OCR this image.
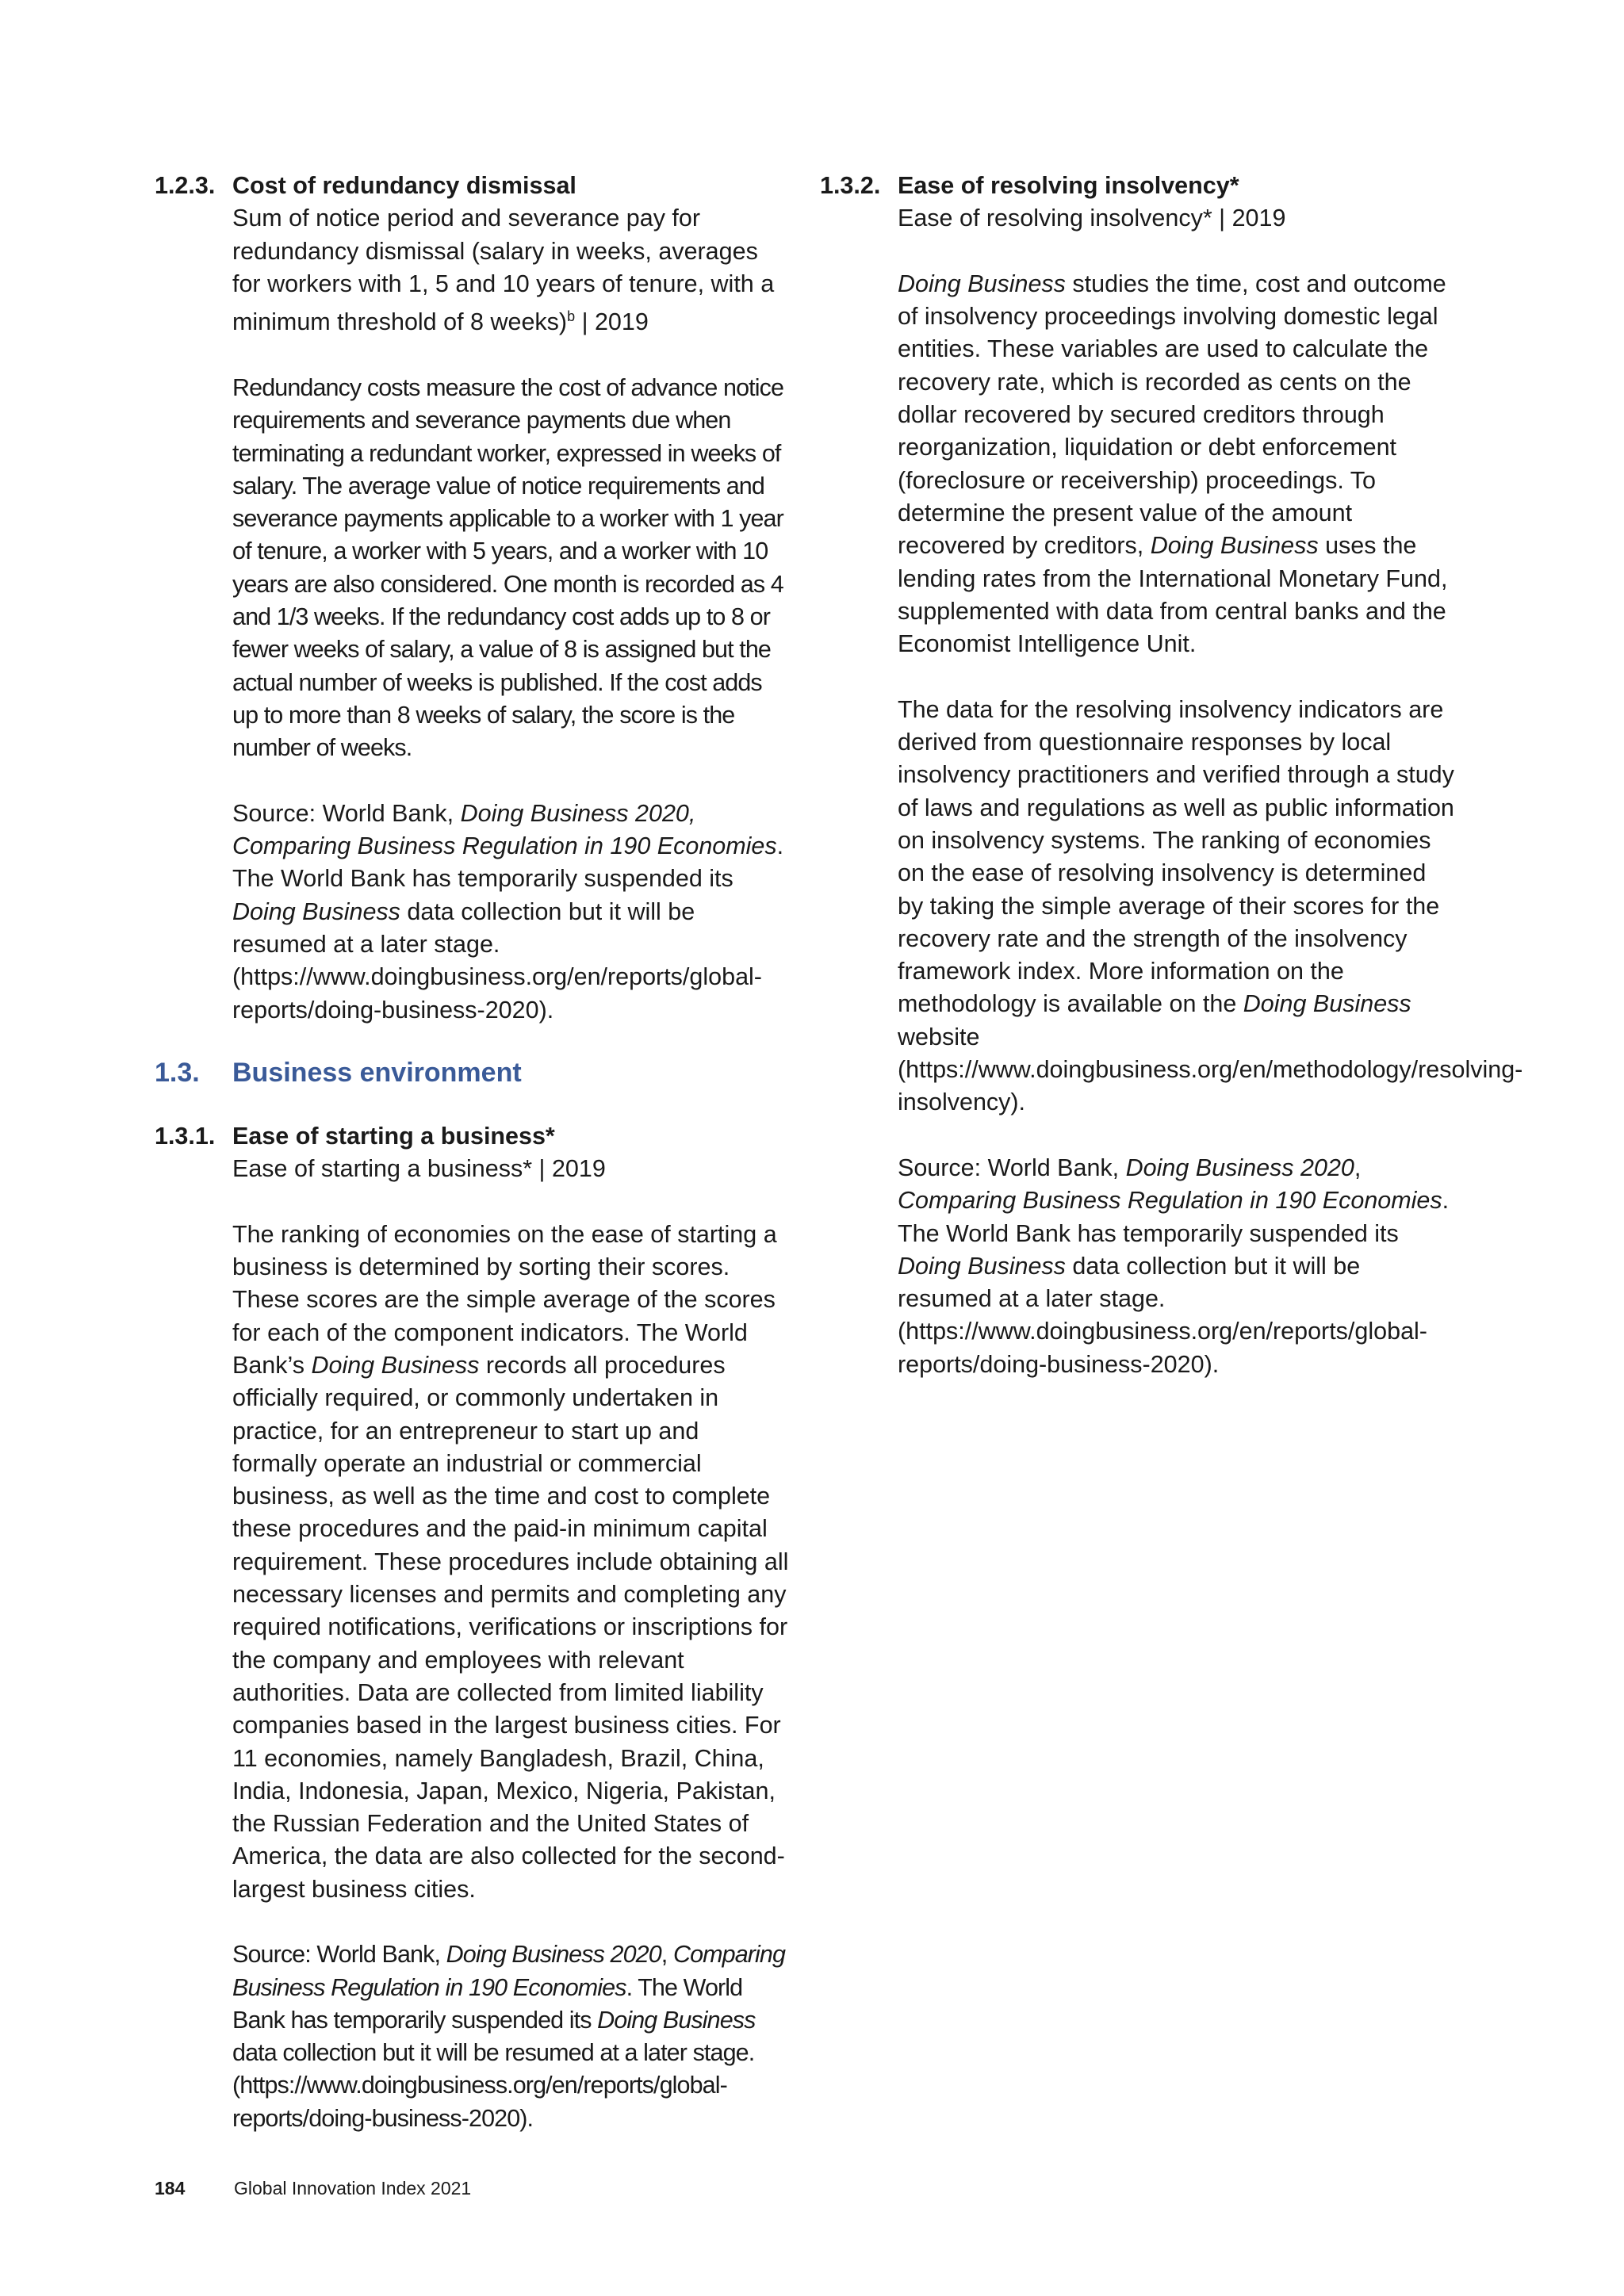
1.2.3. Cost of redundancy dismissal

Sum of notice period and severance pay for redundancy dismissal (salary in weeks, averages for workers with 1, 5 and 10 years of tenure, with a minimum threshold of 8 weeks)$^b$ | 2019

Redundancy costs measure the cost of advance notice requirements and severance payments due when terminating a redundant worker, expressed in weeks of salary. The average value of notice requirements and severance payments applicable to a worker with 1 year of tenure, a worker with 5 years, and a worker with 10 years are also considered. One month is recorded as 4 and 1/3 weeks. If the redundancy cost adds up to 8 or fewer weeks of salary, a value of 8 is assigned but the actual number of weeks is published. If the cost adds up to more than 8 weeks of salary, the score is the number of weeks.

Source: World Bank, Doing Business 2020, Comparing Business Regulation in 190 Economies. The World Bank has temporarily suspended its Doing Business data collection but it will be resumed at a later stage. (https://www.doingbusiness.org/en/reports/global-reports/doing-business-2020).

1.3.	Business environment
1.3.1. Ease of starting a business*

Ease of starting a business* | 2019

The ranking of economies on the ease of starting a business is determined by sorting their scores. These scores are the simple average of the scores for each of the component indicators. The World Bank’s Doing Business records all procedures officially required, or commonly undertaken in practice, for an entrepreneur to start up and formally operate an industrial or commercial business, as well as the time and cost to complete these procedures and the paid-in minimum capital requirement. These procedures include obtaining all necessary licenses and permits and completing any required notifications, verifications or inscriptions for the company and employees with relevant authorities. Data are collected from limited liability companies based in the largest business cities. For 11 economies, namely Bangladesh, Brazil, China, India, Indonesia, Japan, Mexico, Nigeria, Pakistan, the Russian Federation and the United States of America, the data are also collected for the second-largest business cities.

Source: World Bank, Doing Business 2020, Comparing Business Regulation in 190 Economies. The World Bank has temporarily suspended its Doing Business data collection but it will be resumed at a later stage. (https://www.doingbusiness.org/en/reports/global-reports/doing-business-2020).

1.3.2. Ease of resolving insolvency*

Ease of resolving insolvency* | 2019

Doing Business studies the time, cost and outcome of insolvency proceedings involving domestic legal entities. These variables are used to calculate the recovery rate, which is recorded as cents on the dollar recovered by secured creditors through reorganization, liquidation or debt enforcement (foreclosure or receivership) proceedings. To determine the present value of the amount recovered by creditors, Doing Business uses the lending rates from the International Monetary Fund, supplemented with data from central banks and the Economist Intelligence Unit.

The data for the resolving insolvency indicators are derived from questionnaire responses by local insolvency practitioners and verified through a study of laws and regulations as well as public information on insolvency systems. The ranking of economies on the ease of resolving insolvency is determined by taking the simple average of their scores for the recovery rate and the strength of the insolvency framework index. More information on the methodology is available on the Doing Business website (https://www.doingbusiness.org/en/methodology/resolving-insolvency).

Source: World Bank, Doing Business 2020, Comparing Business Regulation in 190 Economies. The World Bank has temporarily suspended its Doing Business data collection but it will be resumed at a later stage. (https://www.doingbusiness.org/en/reports/global-reports/doing-business-2020).

184	Global Innovation Index 2021
